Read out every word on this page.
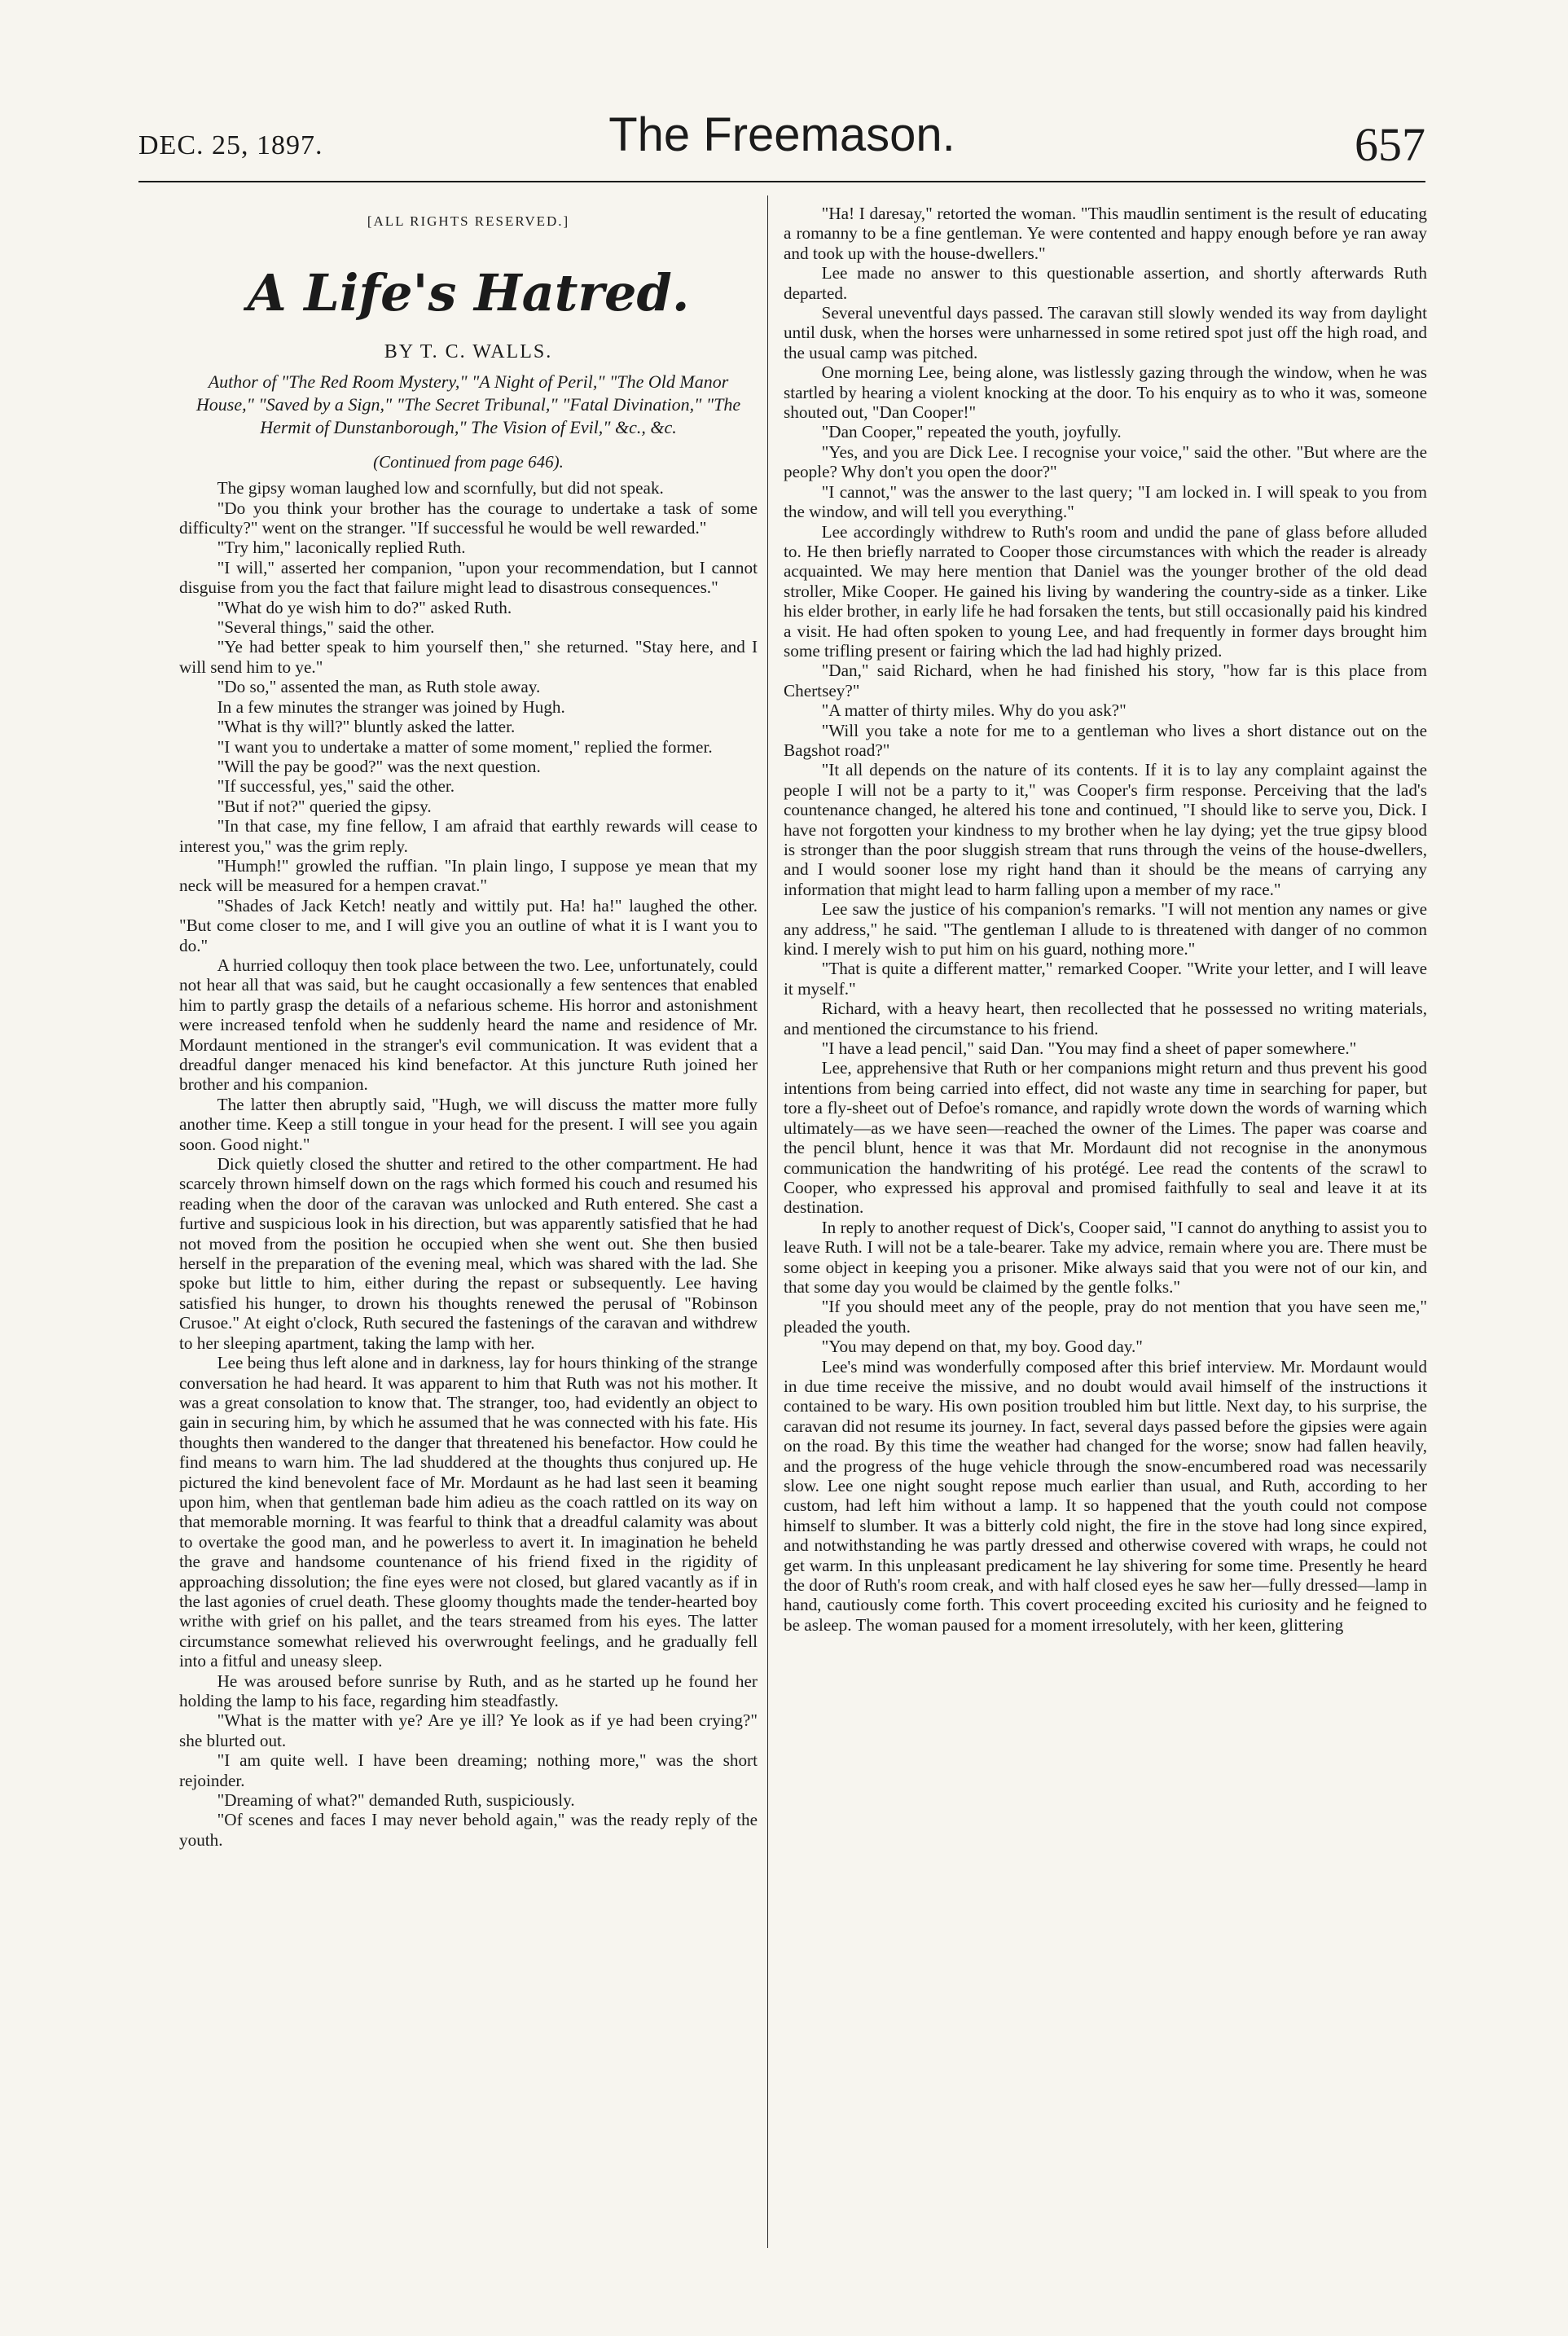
DEC. 25, 1897.	The Freemason.	657

[ALL RIGHTS RESERVED.]

A Life's Hatred.

BY T. C. WALLS.

Author of "The Red Room Mystery," "A Night of Peril," "The Old Manor House," "Saved by a Sign," "The Secret Tribunal," "Fatal Divination," "The Hermit of Dunstanborough," The Vision of Evil," &c., &c.

(Continued from page 646).

The gipsy woman laughed low and scornfully, but did not speak.

"Do you think your brother has the courage to undertake a task of some difficulty?" went on the stranger. "If successful he would be well rewarded."

"Try him," laconically replied Ruth.

"I will," asserted her companion, "upon your recommendation, but I cannot disguise from you the fact that failure might lead to disastrous consequences."

"What do ye wish him to do?" asked Ruth.

"Several things," said the other.

"Ye had better speak to him yourself then," she returned. "Stay here, and I will send him to ye."

"Do so," assented the man, as Ruth stole away.

In a few minutes the stranger was joined by Hugh.

"What is thy will?" bluntly asked the latter.

"I want you to undertake a matter of some moment," replied the former.

"Will the pay be good?" was the next question.

"If successful, yes," said the other.

"But if not?" queried the gipsy.

"In that case, my fine fellow, I am afraid that earthly rewards will cease to interest you," was the grim reply.

"Humph!" growled the ruffian. "In plain lingo, I suppose ye mean that my neck will be measured for a hempen cravat."

"Shades of Jack Ketch! neatly and wittily put. Ha! ha!" laughed the other. "But come closer to me, and I will give you an outline of what it is I want you to do."

A hurried colloquy then took place between the two. Lee, unfortunately, could not hear all that was said, but he caught occasionally a few sentences that enabled him to partly grasp the details of a nefarious scheme. His horror and astonishment were increased tenfold when he suddenly heard the name and residence of Mr. Mordaunt mentioned in the stranger's evil communication. It was evident that a dreadful danger menaced his kind benefactor. At this juncture Ruth joined her brother and his companion.

The latter then abruptly said, "Hugh, we will discuss the matter more fully another time. Keep a still tongue in your head for the present. I will see you again soon. Good night."

Dick quietly closed the shutter and retired to the other compartment. He had scarcely thrown himself down on the rags which formed his couch and resumed his reading when the door of the caravan was unlocked and Ruth entered. She cast a furtive and suspicious look in his direction, but was apparently satisfied that he had not moved from the position he occupied when she went out. She then busied herself in the preparation of the evening meal, which was shared with the lad. She spoke but little to him, either during the repast or subsequently. Lee having satisfied his hunger, to drown his thoughts renewed the perusal of "Robinson Crusoe." At eight o'clock, Ruth secured the fastenings of the caravan and withdrew to her sleeping apartment, taking the lamp with her.

Lee being thus left alone and in darkness, lay for hours thinking of the strange conversation he had heard. It was apparent to him that Ruth was not his mother. It was a great consolation to know that. The stranger, too, had evidently an object to gain in securing him, by which he assumed that he was connected with his fate. His thoughts then wandered to the danger that threatened his benefactor. How could he find means to warn him. The lad shuddered at the thoughts thus conjured up. He pictured the kind benevolent face of Mr. Mordaunt as he had last seen it beaming upon him, when that gentleman bade him adieu as the coach rattled on its way on that memorable morning. It was fearful to think that a dreadful calamity was about to overtake the good man, and he powerless to avert it. In imagination he beheld the grave and handsome countenance of his friend fixed in the rigidity of approaching dissolution; the fine eyes were not closed, but glared vacantly as if in the last agonies of cruel death. These gloomy thoughts made the tender-hearted boy writhe with grief on his pallet, and the tears streamed from his eyes. The latter circumstance somewhat relieved his overwrought feelings, and he gradually fell into a fitful and uneasy sleep.

He was aroused before sunrise by Ruth, and as he started up he found her holding the lamp to his face, regarding him steadfastly.

"What is the matter with ye? Are ye ill? Ye look as if ye had been crying?" she blurted out.

"I am quite well. I have been dreaming; nothing more," was the short rejoinder.

"Dreaming of what?" demanded Ruth, suspiciously.

"Of scenes and faces I may never behold again," was the ready reply of the youth.

"Ha! I daresay," retorted the woman. "This maudlin sentiment is the result of educating a romanny to be a fine gentleman. Ye were contented and happy enough before ye ran away and took up with the house-dwellers."

Lee made no answer to this questionable assertion, and shortly afterwards Ruth departed.

Several uneventful days passed. The caravan still slowly wended its way from daylight until dusk, when the horses were unharnessed in some retired spot just off the high road, and the usual camp was pitched.

One morning Lee, being alone, was listlessly gazing through the window, when he was startled by hearing a violent knocking at the door. To his enquiry as to who it was, someone shouted out, "Dan Cooper!"

"Dan Cooper," repeated the youth, joyfully.

"Yes, and you are Dick Lee. I recognise your voice," said the other. "But where are the people? Why don't you open the door?"

"I cannot," was the answer to the last query; "I am locked in. I will speak to you from the window, and will tell you everything."

Lee accordingly withdrew to Ruth's room and undid the pane of glass before alluded to. He then briefly narrated to Cooper those circumstances with which the reader is already acquainted. We may here mention that Daniel was the younger brother of the old dead stroller, Mike Cooper. He gained his living by wandering the country-side as a tinker. Like his elder brother, in early life he had forsaken the tents, but still occasionally paid his kindred a visit. He had often spoken to young Lee, and had frequently in former days brought him some trifling present or fairing which the lad had highly prized.

"Dan," said Richard, when he had finished his story, "how far is this place from Chertsey?"

"A matter of thirty miles. Why do you ask?"

"Will you take a note for me to a gentleman who lives a short distance out on the Bagshot road?"

"It all depends on the nature of its contents. If it is to lay any complaint against the people I will not be a party to it," was Cooper's firm response. Perceiving that the lad's countenance changed, he altered his tone and continued, "I should like to serve you, Dick. I have not forgotten your kindness to my brother when he lay dying; yet the true gipsy blood is stronger than the poor sluggish stream that runs through the veins of the house-dwellers, and I would sooner lose my right hand than it should be the means of carrying any information that might lead to harm falling upon a member of my race."

Lee saw the justice of his companion's remarks. "I will not mention any names or give any address," he said. "The gentleman I allude to is threatened with danger of no common kind. I merely wish to put him on his guard, nothing more."

"That is quite a different matter," remarked Cooper. "Write your letter, and I will leave it myself."

Richard, with a heavy heart, then recollected that he possessed no writing materials, and mentioned the circumstance to his friend.

"I have a lead pencil," said Dan. "You may find a sheet of paper somewhere."

Lee, apprehensive that Ruth or her companions might return and thus prevent his good intentions from being carried into effect, did not waste any time in searching for paper, but tore a fly-sheet out of Defoe's romance, and rapidly wrote down the words of warning which ultimately—as we have seen—reached the owner of the Limes. The paper was coarse and the pencil blunt, hence it was that Mr. Mordaunt did not recognise in the anonymous communication the handwriting of his protégé. Lee read the contents of the scrawl to Cooper, who expressed his approval and promised faithfully to seal and leave it at its destination.

In reply to another request of Dick's, Cooper said, "I cannot do anything to assist you to leave Ruth. I will not be a tale-bearer. Take my advice, remain where you are. There must be some object in keeping you a prisoner. Mike always said that you were not of our kin, and that some day you would be claimed by the gentle folks."

"If you should meet any of the people, pray do not mention that you have seen me," pleaded the youth.

"You may depend on that, my boy. Good day."

Lee's mind was wonderfully composed after this brief interview. Mr. Mordaunt would in due time receive the missive, and no doubt would avail himself of the instructions it contained to be wary. His own position troubled him but little. Next day, to his surprise, the caravan did not resume its journey. In fact, several days passed before the gipsies were again on the road. By this time the weather had changed for the worse; snow had fallen heavily, and the progress of the huge vehicle through the snow-encumbered road was necessarily slow. Lee one night sought repose much earlier than usual, and Ruth, according to her custom, had left him without a lamp. It so happened that the youth could not compose himself to slumber. It was a bitterly cold night, the fire in the stove had long since expired, and notwithstanding he was partly dressed and otherwise covered with wraps, he could not get warm. In this unpleasant predicament he lay shivering for some time. Presently he heard the door of Ruth's room creak, and with half closed eyes he saw her—fully dressed—lamp in hand, cautiously come forth. This covert proceeding excited his curiosity and he feigned to be asleep. The woman paused for a moment irresolutely, with her keen, glittering
